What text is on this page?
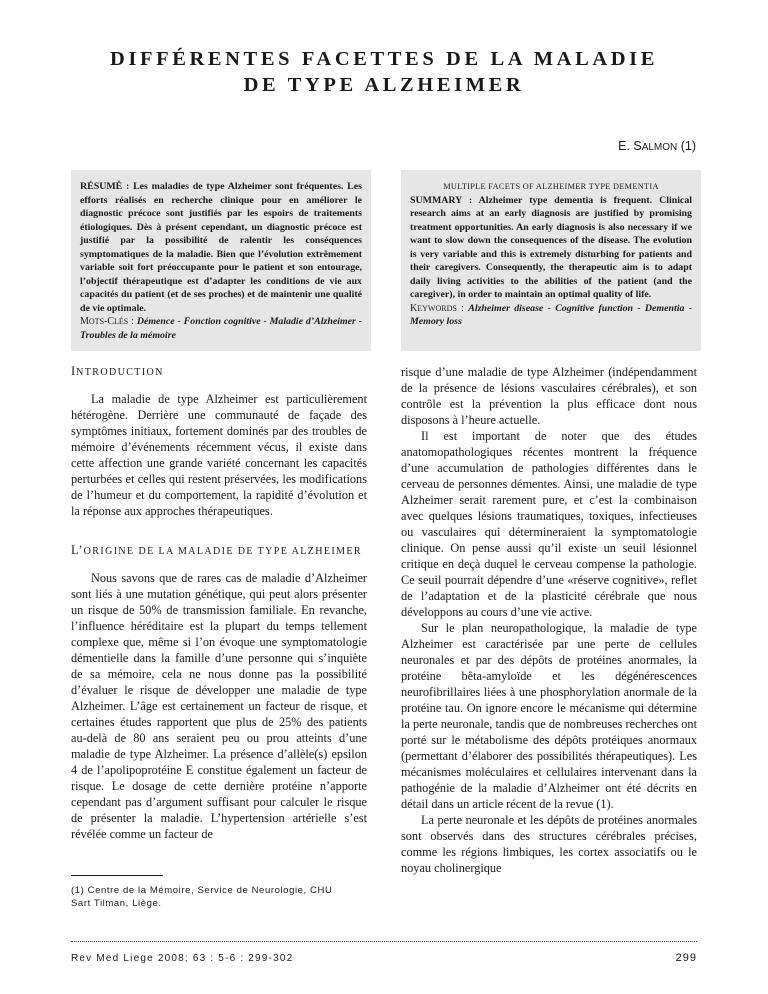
DIFFÉRENTES FACETTES DE LA MALADIE
DE TYPE ALZHEIMER
E. SALMON (1)

RÉSUMÉ : Les maladies de type Alzheimer sont fréquentes. Les efforts réalisés en recherche clinique pour en améliorer le diagnostic précoce sont justifiés par les espoirs de traitements étiologiques. Dès à présent cependant, un diagnostic précoce est justifié par la possibilité de ralentir les conséquences symptomatiques de la maladie. Bien que l’évolution extrêmement variable soit fort préoccupante pour le patient et son entourage, l’objectif thérapeutique est d’adapter les conditions de vie aux capacités du patient (et de ses proches) et de maintenir une qualité de vie optimale.

MOTS-CLÉS : Démence - Fonction cognitive - Maladie d’Alzheimer - Troubles de la mémoire

MULTIPLE FACETS OF ALZHEIMER TYPE DEMENTIA

SUMMARY : Alzheimer type dementia is frequent. Clinical research aims at an early diagnosis are justified by promising treatment opportunities. An early diagnosis is also necessary if we want to slow down the consequences of the disease. The evolution is very variable and this is extremely disturbing for patients and their caregivers. Consequently, the therapeutic aim is to adapt daily living activities to the abilities of the patient (and the caregiver), in order to maintain an optimal quality of life.

KEYWORDS : Alzheimer disease - Cognitive function - Dementia - Memory loss

INTRODUCTION

La maladie de type Alzheimer est particulièrement hétérogène. Derrière une communauté de façade des symptômes initiaux, fortement dominés par des troubles de mémoire d’événements récemment vécus, il existe dans cette affection une grande variété concernant les capacités perturbées et celles qui restent préservées, les modifications de l’humeur et du comportement, la rapidité d’évolution et la réponse aux approches thérapeutiques.

L’ORIGINE DE LA MALADIE DE TYPE ALZHEIMER

Nous savons que de rares cas de maladie d’Alzheimer sont liés à une mutation génétique, qui peut alors présenter un risque de 50% de transmission familiale. En revanche, l’influence héréditaire est la plupart du temps tellement complexe que, même si l’on évoque une symptomatologie démentielle dans la famille d’une personne qui s’inquiète de sa mémoire, cela ne nous donne pas la possibilité d’évaluer le risque de développer une maladie de type Alzheimer. L’âge est certainement un facteur de risque, et certaines études rapportent que plus de 25% des patients au-delà de 80 ans seraient peu ou prou atteints d’une maladie de type Alzheimer. La présence d’allèle(s) epsilon 4 de l’apolipoprotéine E constitue également un facteur de risque. Le dosage de cette dernière protéine n’apporte cependant pas d’argument suffisant pour calculer le risque de présenter la maladie. L’hypertension artérielle s’est révélée comme un facteur de

risque d’une maladie de type Alzheimer (indépendamment de la présence de lésions vasculaires cérébrales), et son contrôle est la prévention la plus efficace dont nous disposons à l’heure actuelle.

Il est important de noter que des études anatomopathologiques récentes montrent la fréquence d’une accumulation de pathologies différentes dans le cerveau de personnes démentes. Ainsi, une maladie de type Alzheimer serait rarement pure, et c’est la combinaison avec quelques lésions traumatiques, toxiques, infectieuses ou vasculaires qui détermineraient la symptomatologie clinique. On pense aussi qu’il existe un seuil lésionnel critique en deçà duquel le cerveau compense la pathologie. Ce seuil pourrait dépendre d’une «réserve cognitive», reflet de l’adaptation et de la plasticité cérébrale que nous développons au cours d’une vie active.

Sur le plan neuropathologique, la maladie de type Alzheimer est caractérisée par une perte de cellules neuronales et par des dépôts de protéines anormales, la protéine bêta-amyloïde et les dégénérescences neurofibrillaires liées à une phosphorylation anormale de la protéine tau. On ignore encore le mécanisme qui détermine la perte neuronale, tandis que de nombreuses recherches ont porté sur le métabolisme des dépôts protéiques anormaux (permettant d’élaborer des possibilités thérapeutiques). Les mécanismes moléculaires et cellulaires intervenant dans la pathogénie de la maladie d’Alzheimer ont été décrits en détail dans un article récent de la revue (1).

La perte neuronale et les dépôts de protéines anormales sont observés dans des structures cérébrales précises, comme les régions limbiques, les cortex associatifs ou le noyau cholinergique

(1) Centre de la Mémoire, Service de Neurologie, CHU
Sart Tilman, Liège.
Rev Med Liege 2008; 63 : 5-6 : 299-302	299
